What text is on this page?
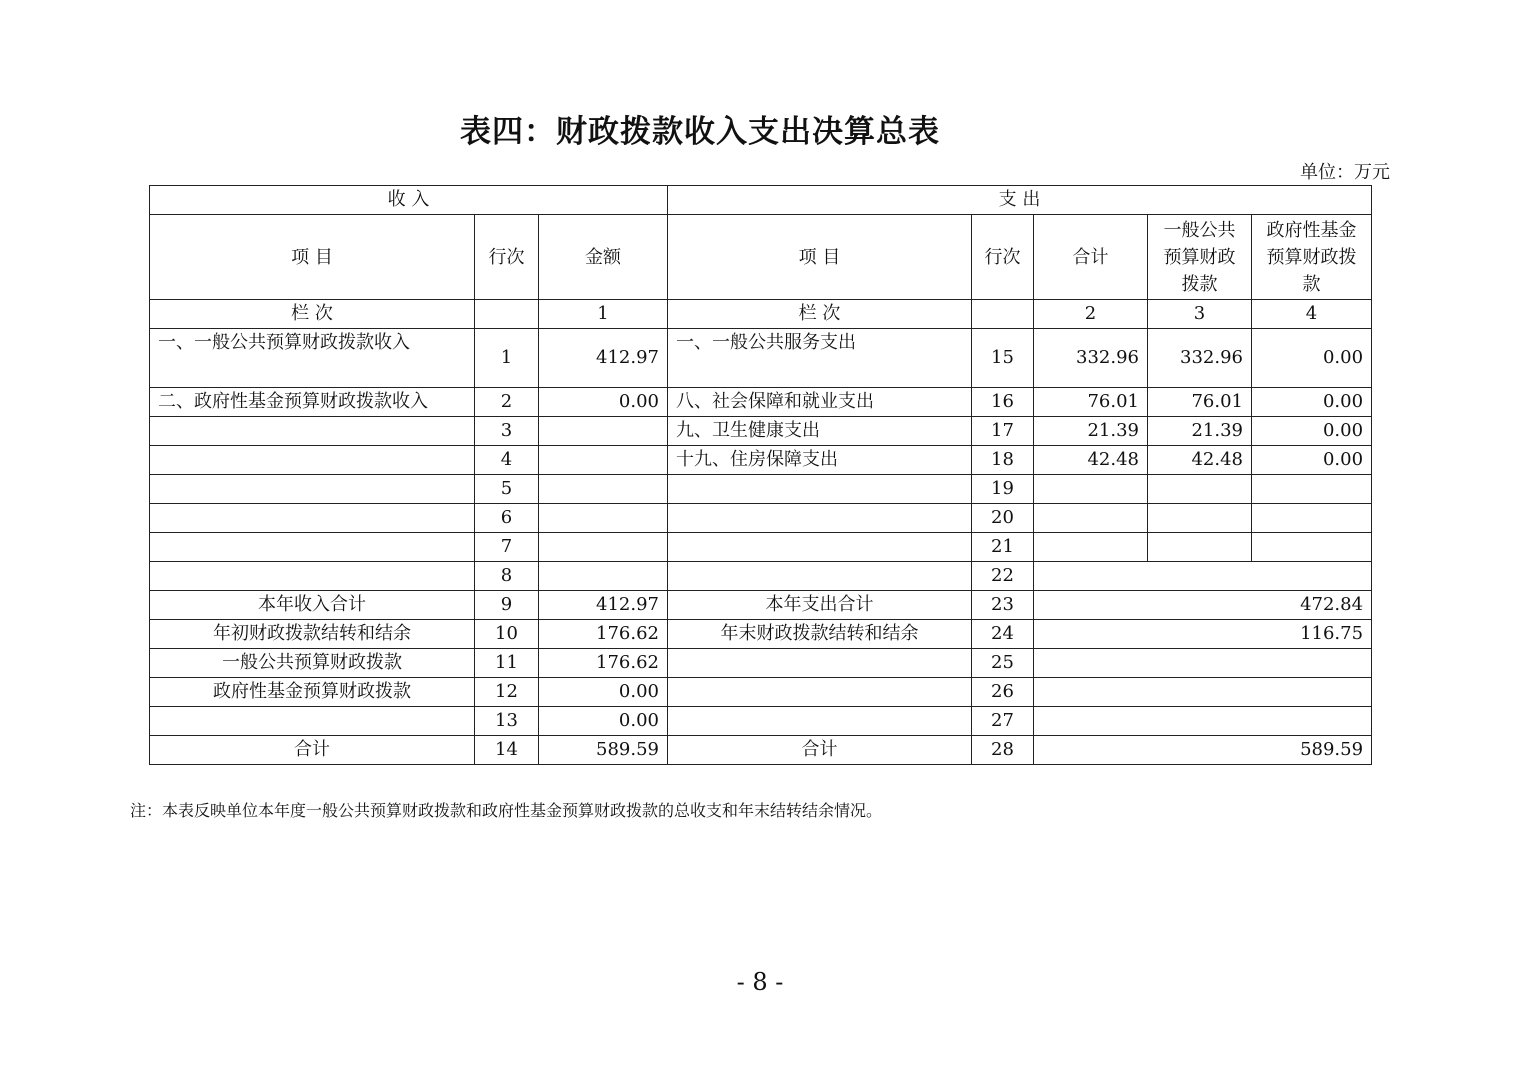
表四：财政拨款收入支出决算总表
单位：万元
收 入			支 出				
项 目	行次	金额	项 目	行次	合计	一般公共预算财政拨款	政府性基金预算财政拨款
栏 次		1	栏 次		2	3	4
一、一般公共预算财政拨款收入	1	412.97	一、一般公共服务支出	15	332.96	332.96	0.00
二、政府性基金预算财政拨款收入	2	0.00	八、社会保障和就业支出	16	76.01	76.01	0.00
	3		九、卫生健康支出	17	21.39	21.39	0.00
	4		十九、住房保障支出	18	42.48	42.48	0.00
	5			19			
	6			20			
	7			21			
	8			22			
本年收入合计	9	412.97	本年支出合计	23	472.84		
年初财政拨款结转和结余	10	176.62	年末财政拨款结转和结余	24	116.75		
一般公共预算财政拨款	11	176.62		25			
政府性基金预算财政拨款	12	0.00		26			
	13	0.00		27			
合计	14	589.59	合计	28	589.59		
注：本表反映单位本年度一般公共预算财政拨款和政府性基金预算财政拨款的总收支和年末结转结余情况。
- 8 -
